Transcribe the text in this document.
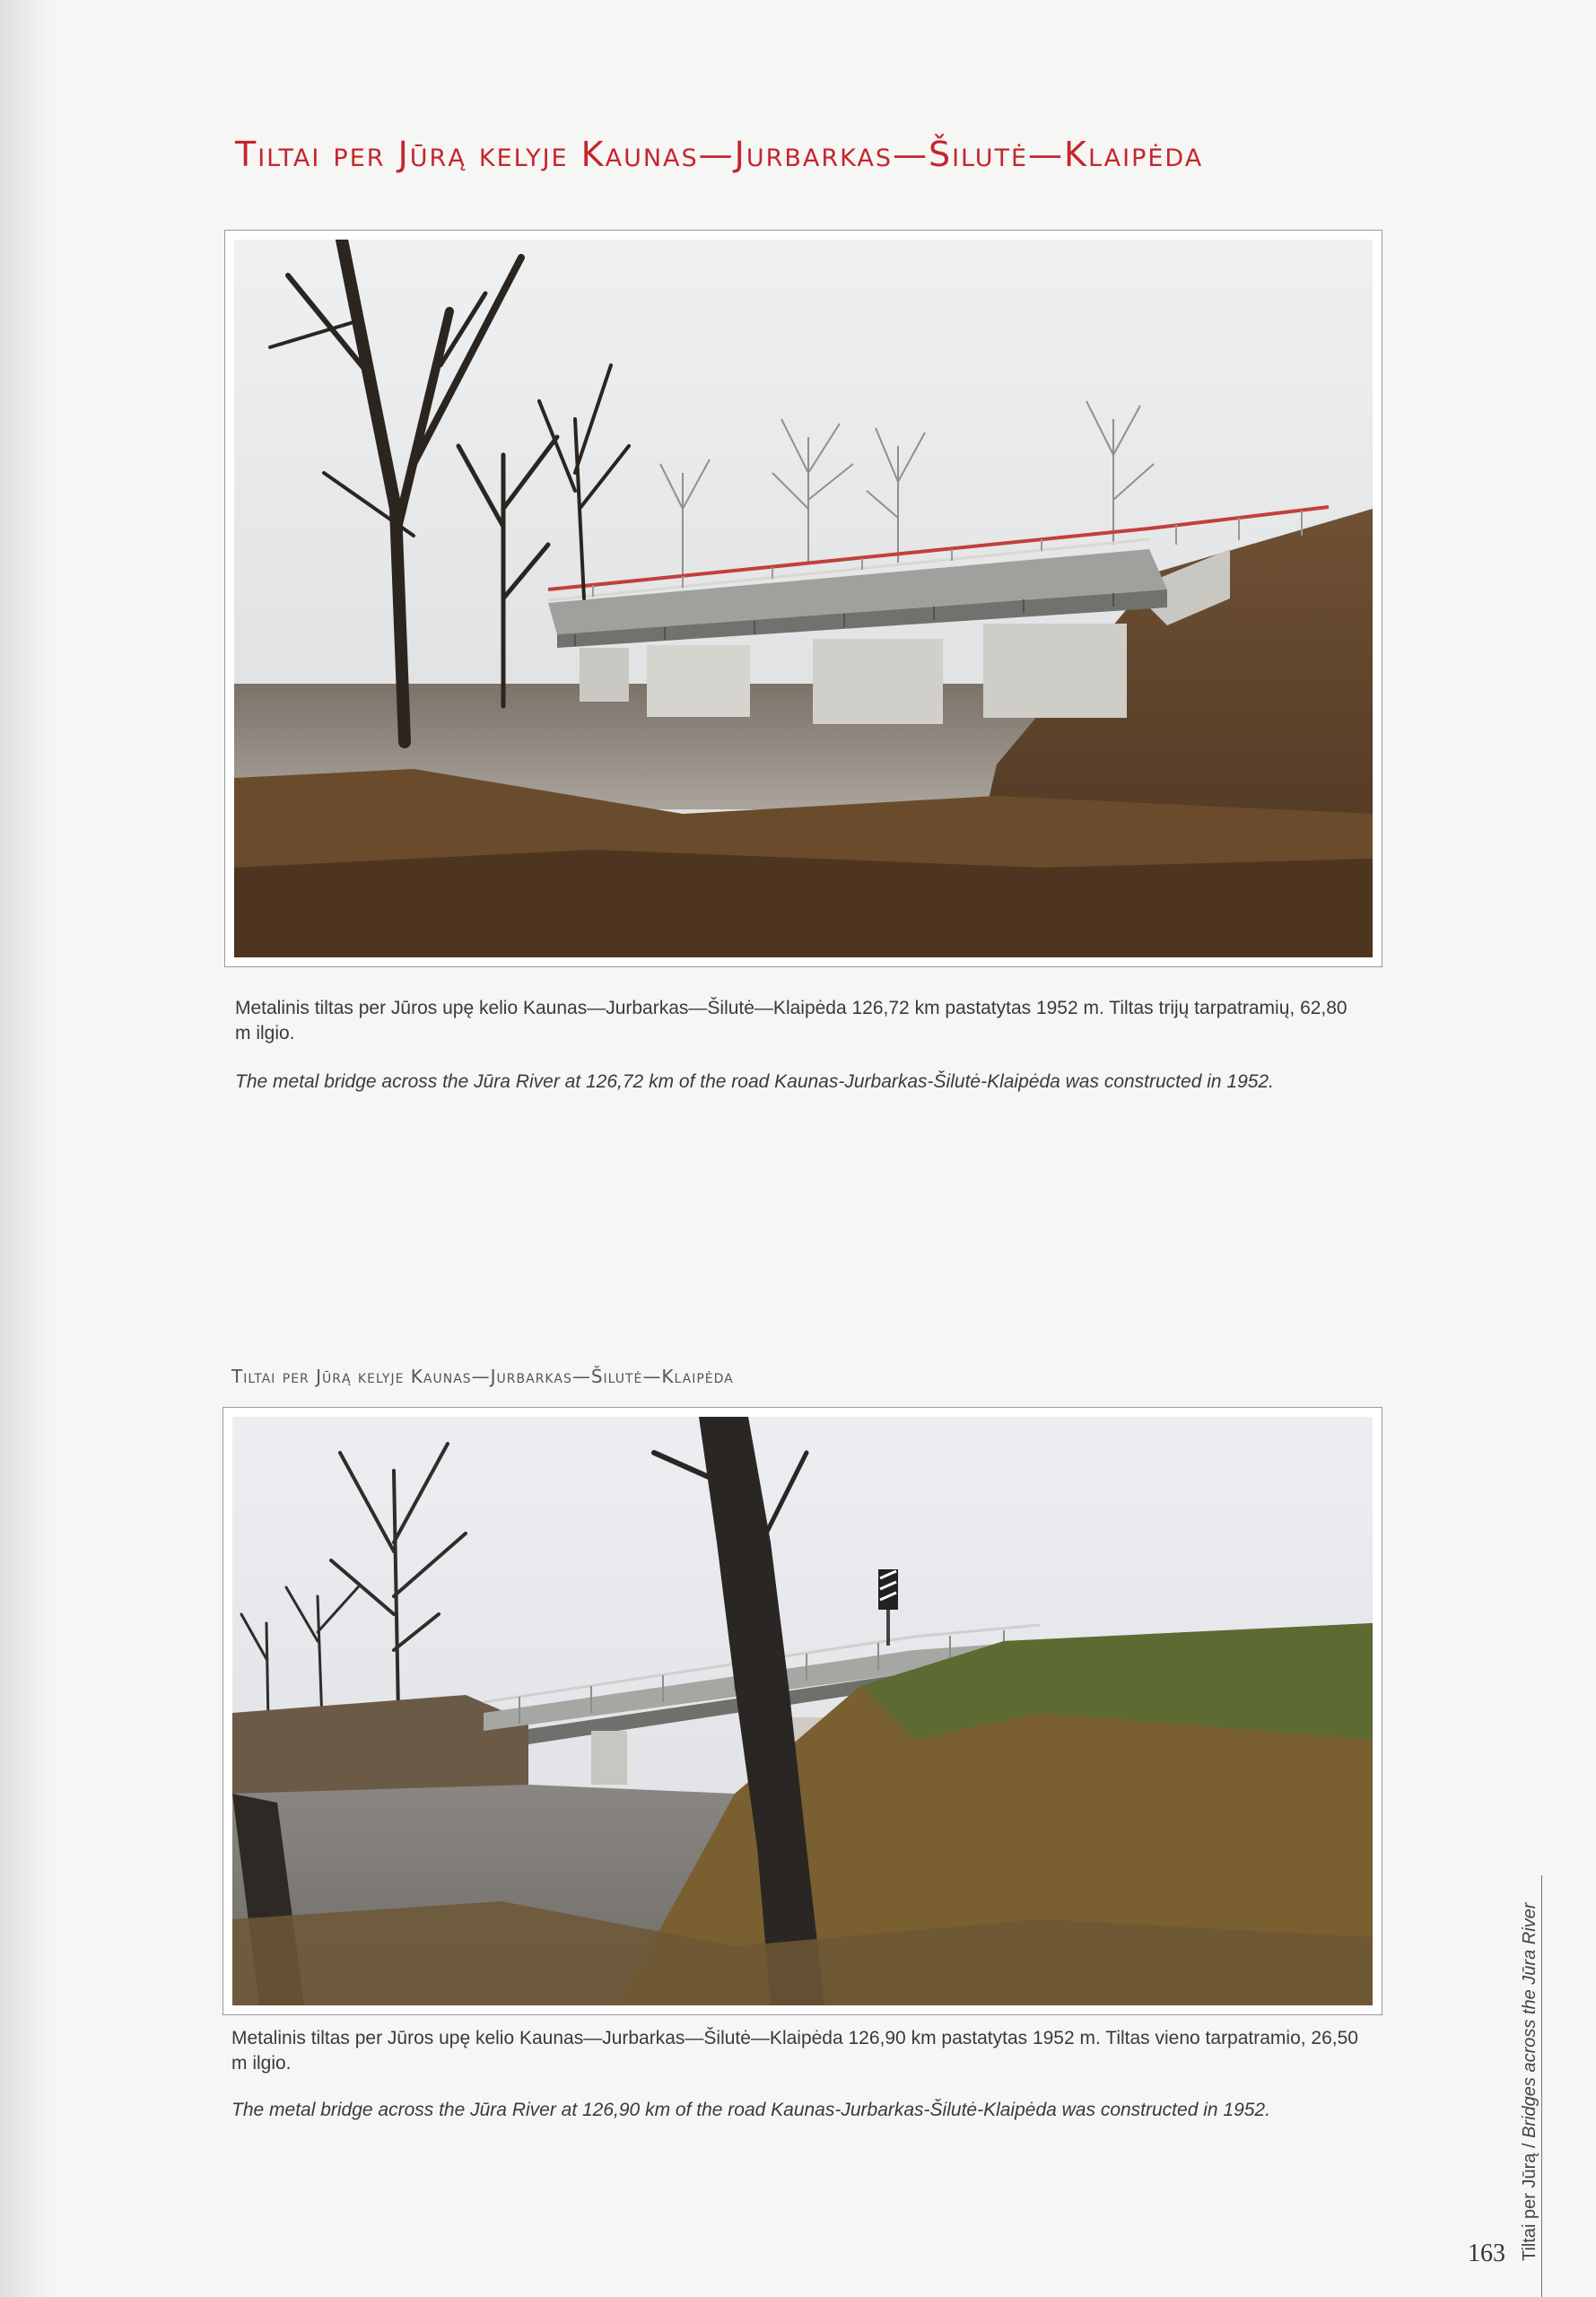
Tiltai per Jūrą kelyje Kaunas—Jurbarkas—Šilutė—Klaipėda
Metalinis tiltas per Jūros upę kelio Kaunas—Jurbarkas—Šilutė—Klaipėda 126,72 km pastatytas 1952 m. Tiltas trijų tarpatramių, 62,80 m ilgio.
The metal bridge across the Jūra River at 126,72 km of the road Kaunas-Jurbarkas-Šilutė-Klaipėda was constructed in 1952.
Tiltai per Jūrą kelyje Kaunas—Jurbarkas—Šilutė—Klaipėda
Metalinis tiltas per Jūros upę kelio Kaunas—Jurbarkas—Šilutė—Klaipėda 126,90 km pastatytas 1952 m. Tiltas vieno tarpatramio, 26,50 m ilgio.
The metal bridge across the Jūra River at 126,90 km of the road Kaunas-Jurbarkas-Šilutė-Klaipėda was constructed in 1952.
Tiltai per Jūrą / Bridges across the Jūra River
163
